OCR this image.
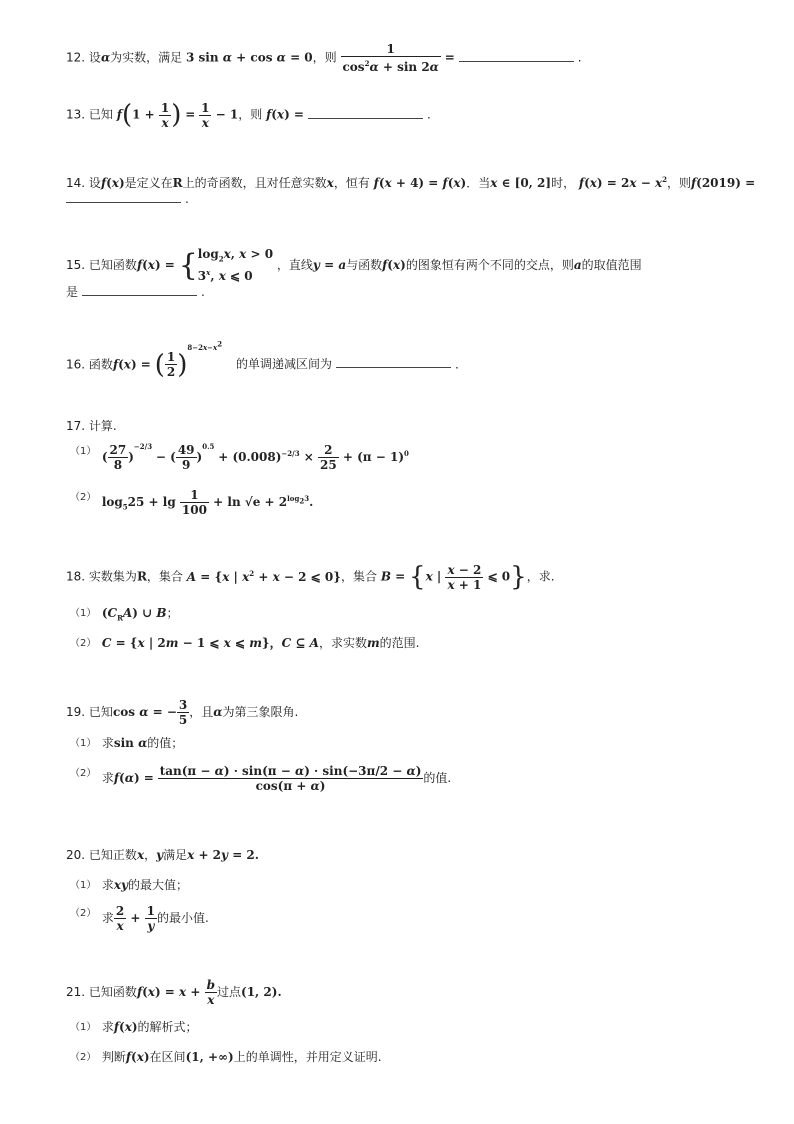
12. 设α为实数，满足 3 sin α + cos α = 0，则 $\frac{1}{\cos^2\alpha + \sin 2\alpha}$ =	.
13. 已知 $f(1 + \frac{1}{x}$ ) = $\frac{1}{x} - 1$，则 f(x) =	.
14. 设f(x)是定义在R上的奇函数，且对任意实数x，恒有 f(x + 4) = f(x)．当x ∈ [0, 2]时， $f(x) = 2x - x^2$，则f(2019) =
.
15. 已知函数$f(x) = \{\log_2x$, x > 0
3$^x$, x ⩽ 0 ，直线y = a与函数f(x)的图象恒有两个不同的交点，则a的取值范围
是	.
16. 函数f(x) = ( $\frac{1}{2} )^{8-2x-x^2}$ 的单调递减区间为	.
17. 计算.
（1） ( $\frac{27}{8} )^{-2/3}$ − ( $\frac{49}{9} )^{0.5} + (0.008)^{-2/3} \times \frac{2}{25} + (\pi - 1)^0$
（2） $\log_525 + \lg \frac{1}{100} + \ln √e + 2^{log_23}$.
18. 实数集为R，集合 A = {x | $x^2 + x - 2$ ⩽ 0}，集合 B = {x | $\frac{x - 2}{x + 1}$ ⩽ 0}，求.
（1） $(C_RA)$ ∪ B；
（2） C = {x | 2m − 1 ⩽ x ⩽ m}，C ⊆ A，求实数m的范围.
19. 已知cos α = − $\frac{3}{5}$ ，且α为第三象限角.
（1） 求sin α的值；
（2） 求$f(\alpha) = \frac{\tan(\pi - \alpha) \cdot \sin(\pi - \alpha) \cdot \sin(-3\pi/2 - \alpha)}{\cos(\pi + \alpha)}$ 的值.
20. 已知正数x，y满足x + 2y = 2.
（1） 求xy的最大值；
（2） 求 $\frac{2}{x} + \frac{1}{y}$ 的最小值.
21. 已知函数$f(x) = x + \frac{b}{x}$ 过点(1, 2).
（1） 求f(x)的解析式；
（2） 判断f(x)在区间(1, +∞)上的单调性，并用定义证明.
